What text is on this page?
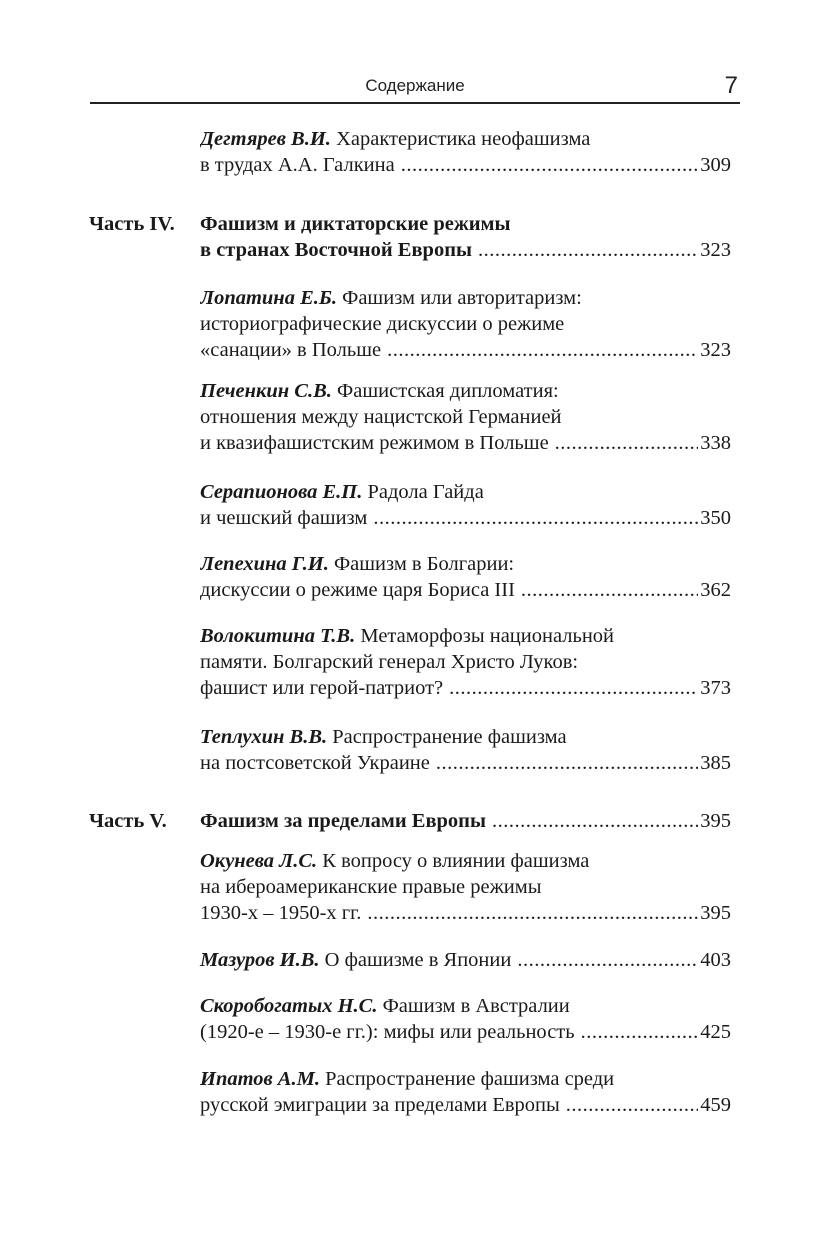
Содержание	7
Дегтярев В.И. Характеристика неофашизма
в трудах А.А. Галкина .....	309
Часть IV. Фашизм и диктаторские режимы
в странах Восточной Европы .....	323
Лопатина Е.Б. Фашизм или авторитаризм:
историографические дискуссии о режиме
«санации» в Польше .....	323
Печенкин С.В. Фашистская дипломатия:
отношения между нацистской Германией
и квазифашистским режимом в Польше .....	338
Серапионова Е.П. Радола Гайда
и чешский фашизм .....	350
Лепехина Г.И. Фашизм в Болгарии:
дискуссии о режиме царя Бориса III .....	362
Волокитина Т.В. Метаморфозы национальной
памяти. Болгарский генерал Христо Луков:
фашист или герой-патриот? .....	373
Теплухин В.В. Распространение фашизма
на постсоветской Украине .....	385
Часть V. Фашизм за пределами Европы .....	395
Окунева Л.С. К вопросу о влиянии фашизма
на ибероамериканские правые режимы
1930-х – 1950-х гг. .....	395
Мазуров И.В. О фашизме в Японии .....	403
Скоробогатых Н.С. Фашизм в Австралии
(1920-е – 1930-е гг.): мифы или реальность .....	425
Ипатов А.М. Распространение фашизма среди
русской эмиграции за пределами Европы .....	459
